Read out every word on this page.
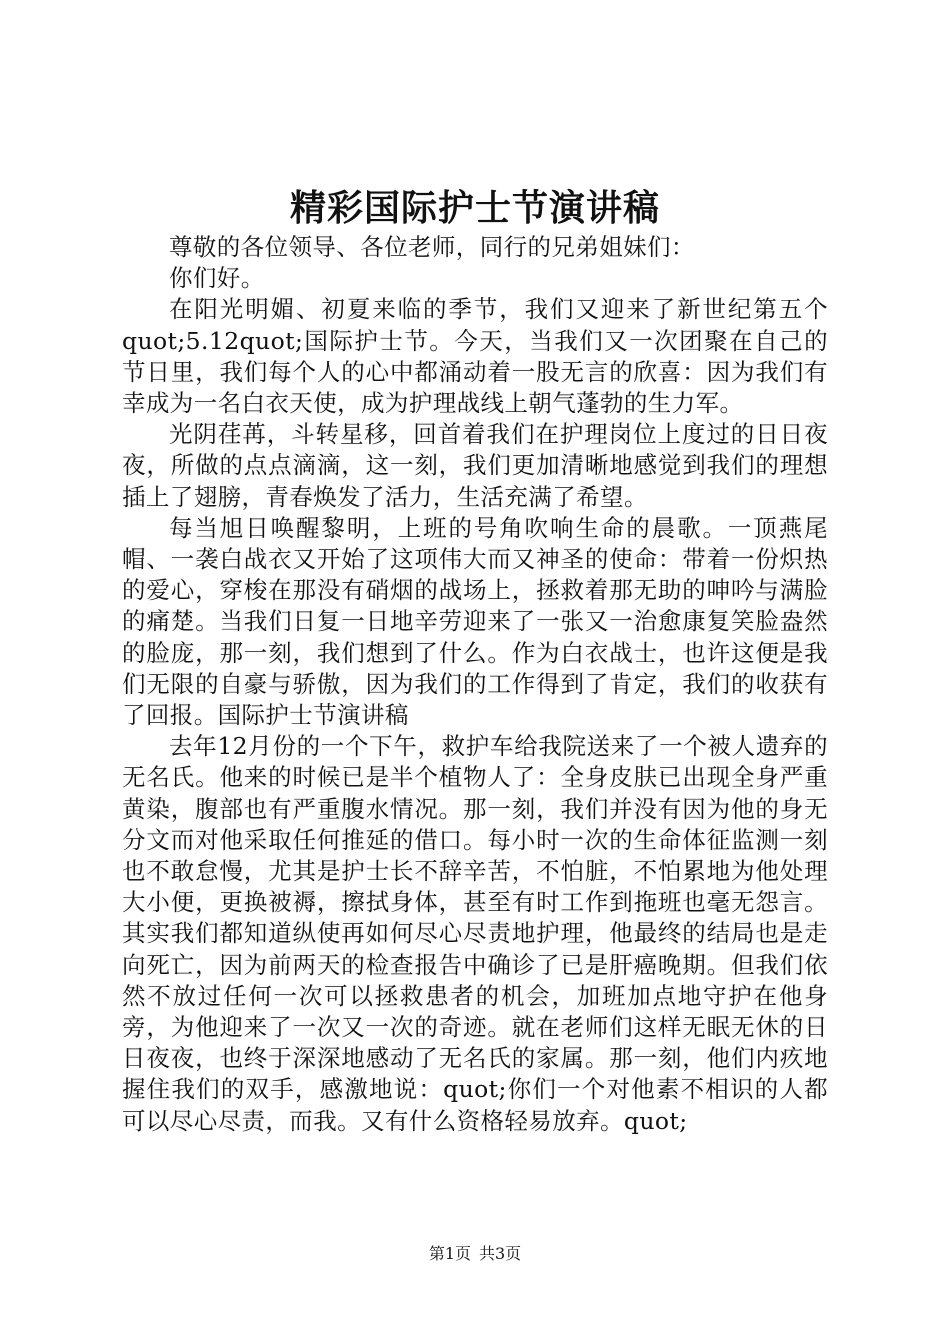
精彩国际护士节演讲稿

尊敬的各位领导、各位老师，同行的兄弟姐妹们：

你们好。

在阳光明媚、初夏来临的季节，我们又迎来了新世纪第五个quot;5.12quot;国际护士节。今天，当我们又一次团聚在自己的节日里，我们每个人的心中都涌动着一股无言的欣喜：因为我们有幸成为一名白衣天使，成为护理战线上朝气蓬勃的生力军。

光阴荏苒，斗转星移，回首着我们在护理岗位上度过的日日夜夜，所做的点点滴滴，这一刻，我们更加清晰地感觉到我们的理想插上了翅膀，青春焕发了活力，生活充满了希望。

每当旭日唤醒黎明，上班的号角吹响生命的晨歌。一顶燕尾帽、一袭白战衣又开始了这项伟大而又神圣的使命：带着一份炽热的爱心，穿梭在那没有硝烟的战场上，拯救着那无助的呻吟与满脸的痛楚。当我们日复一日地辛劳迎来了一张又一治愈康复笑脸盎然的脸庞，那一刻，我们想到了什么。作为白衣战士，也许这便是我们无限的自豪与骄傲，因为我们的工作得到了肯定，我们的收获有了回报。国际护士节演讲稿

去年12月份的一个下午，救护车给我院送来了一个被人遗弃的无名氏。他来的时候已是半个植物人了：全身皮肤已出现全身严重黄染，腹部也有严重腹水情况。那一刻，我们并没有因为他的身无分文而对他采取任何推延的借口。每小时一次的生命体征监测一刻也不敢怠慢，尤其是护士长不辞辛苦，不怕脏，不怕累地为他处理大小便，更换被褥，擦拭身体，甚至有时工作到拖班也毫无怨言。其实我们都知道纵使再如何尽心尽责地护理，他最终的结局也是走向死亡，因为前两天的检查报告中确诊了已是肝癌晚期。但我们依然不放过任何一次可以拯救患者的机会，加班加点地守护在他身旁，为他迎来了一次又一次的奇迹。就在老师们这样无眠无休的日日夜夜，也终于深深地感动了无名氏的家属。那一刻，他们内疚地握住我们的双手，感激地说：quot;你们一个对他素不相识的人都可以尽心尽责，而我。又有什么资格轻易放弃。quot;

第1页 共3页
